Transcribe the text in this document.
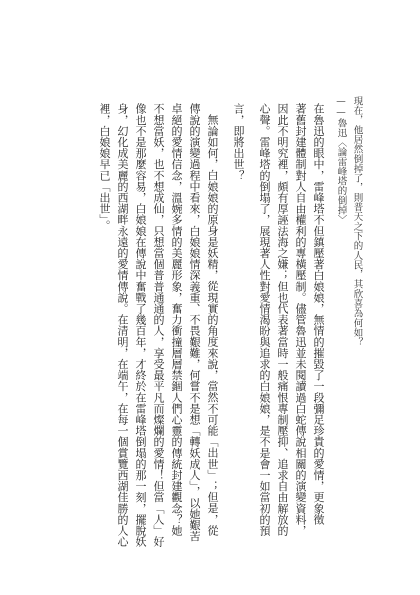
現在，他居然倒掉了，則普天之下的人民，其欣喜為何如？
——魯迅〈論雷峰塔的倒掉〉
在魯迅的眼中，雷峰塔不但鎮壓著白娘娘，無情的摧毀了一段彌足珍貴的愛情，更象徵
著舊封建體制對人自由權利的專橫壓制。儘管魯迅並未閱讀過白蛇傳說相關的演變資料，
因此不明究裡，頗有厚誣法海之嫌；但也代表著當時一般痛恨專制壓抑、追求自由解放的
心聲。雷峰塔的倒塌了，展現著人性對愛情渴盼與追求的白娘娘，是不是會一如當初的預
言，即將出世？
無論如何，白娘娘的原身是妖精，從現實的角度來說，當然不可能「出世」；但是，從
傳說的演變過程中看來，白娘娘情深義重、不畏艱難，何嘗不是想「轉妖成人」，以她艱苦
卓絕的愛情信念，溫婉多情的美麗形象，奮力衝撞層層禁錮人們心靈的傳統封建觀念？她
不想當妖，也不想成仙，只想當個普普通通的人，享受最平凡而燦爛的愛情！但當「人」好
像也不是那麼容易，白娘娘在傳說中奮戰了幾百年，才終於在雷峰塔倒塌的那一刻，擺脫妖
身，幻化成美麗的西湖畔永遠的愛情傳說。在清明，在端午，在每一個賞覽西湖佳勝的人心
裡，白娘娘早已「出世」。
